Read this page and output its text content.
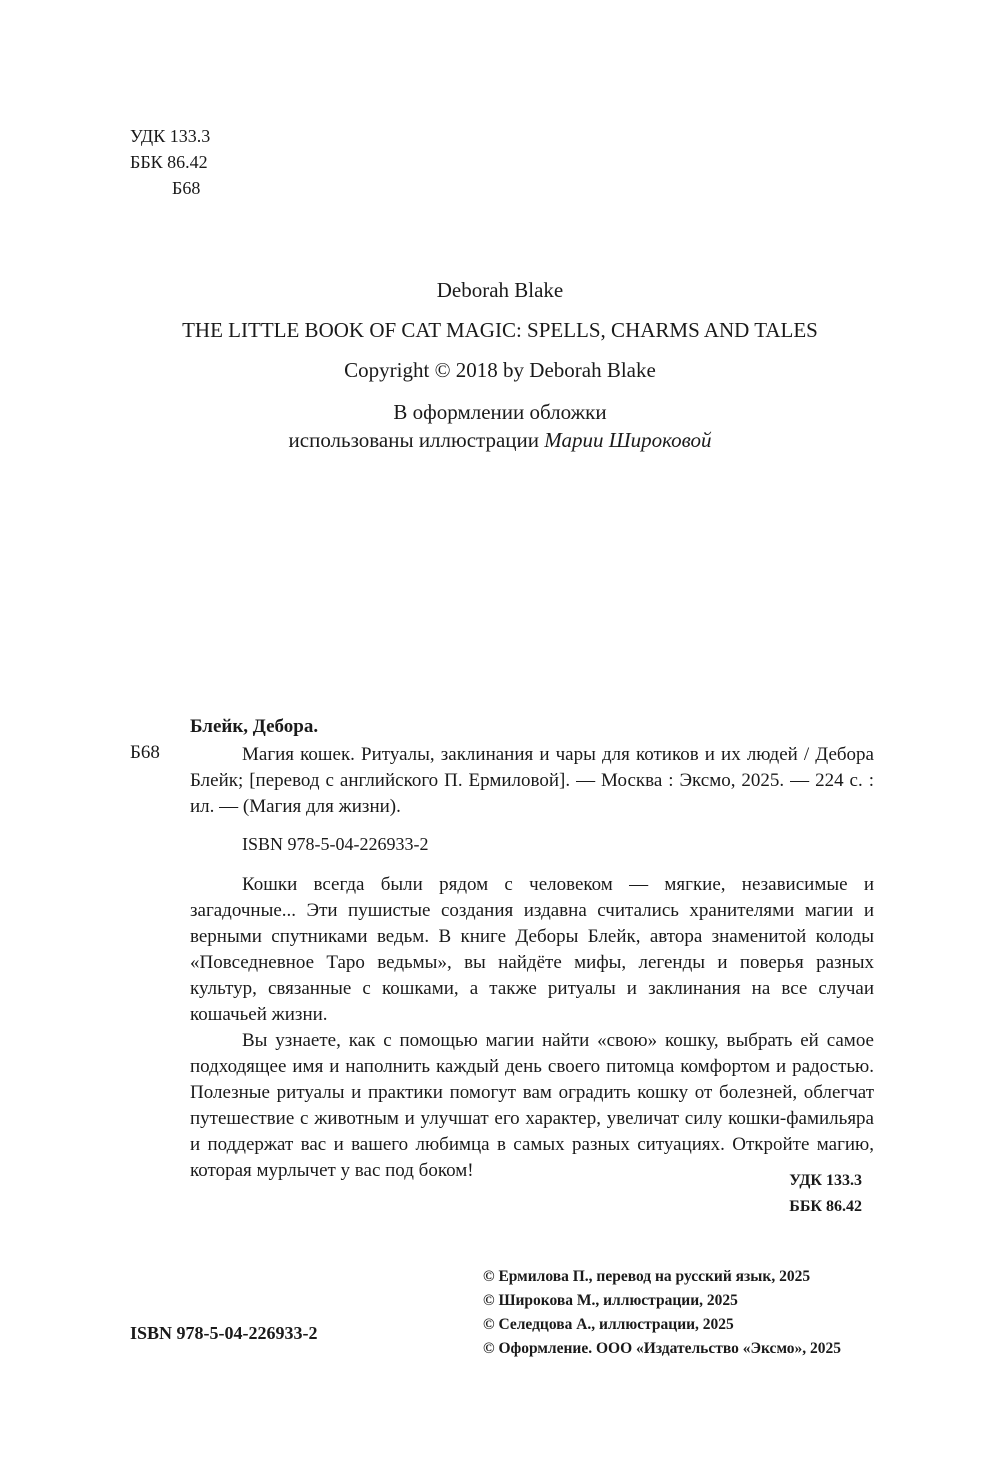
УДК 133.3
ББК 86.42
Б68
Deborah Blake
THE LITTLE BOOK OF CAT MAGIC: SPELLS, CHARMS AND TALES
Copyright © 2018 by Deborah Blake
В оформлении обложки
использованы иллюстрации Марии Широковой
Блейк, Дебора.
Б68	Магия кошек. Ритуалы, заклинания и чары для котиков и их людей / Дебора Блейк; [перевод с английского П. Ермиловой]. — Москва : Эксмо, 2025. — 224 с. : ил. — (Магия для жизни).

ISBN 978-5-04-226933-2

Кошки всегда были рядом с человеком — мягкие, независимые и загадочные... Эти пушистые создания издавна считались хранителями магии и верными спутниками ведьм. В книге Деборы Блейк, автора знаменитой колоды «Повседневное Таро ведьмы», вы найдёте мифы, легенды и поверья разных культур, связанные с кошками, а также ритуалы и заклинания на все случаи кошачьей жизни.

Вы узнаете, как с помощью магии найти «свою» кошку, выбрать ей самое подходящее имя и наполнить каждый день своего питомца комфортом и радостью. Полезные ритуалы и практики помогут вам оградить кошку от болезней, облегчат путешествие с животным и улучшат его характер, увеличат силу кошки-фамильяра и поддержат вас и вашего любимца в самых разных ситуациях. Откройте магию, которая мурлычет у вас под боком!	УДК 133.3
ББК 86.42
ISBN 978-5-04-226933-2
© Ермилова П., перевод на русский язык, 2025
© Широкова М., иллюстрации, 2025
© Селедцова А., иллюстрации, 2025
© Оформление. ООО «Издательство «Эксмо», 2025
